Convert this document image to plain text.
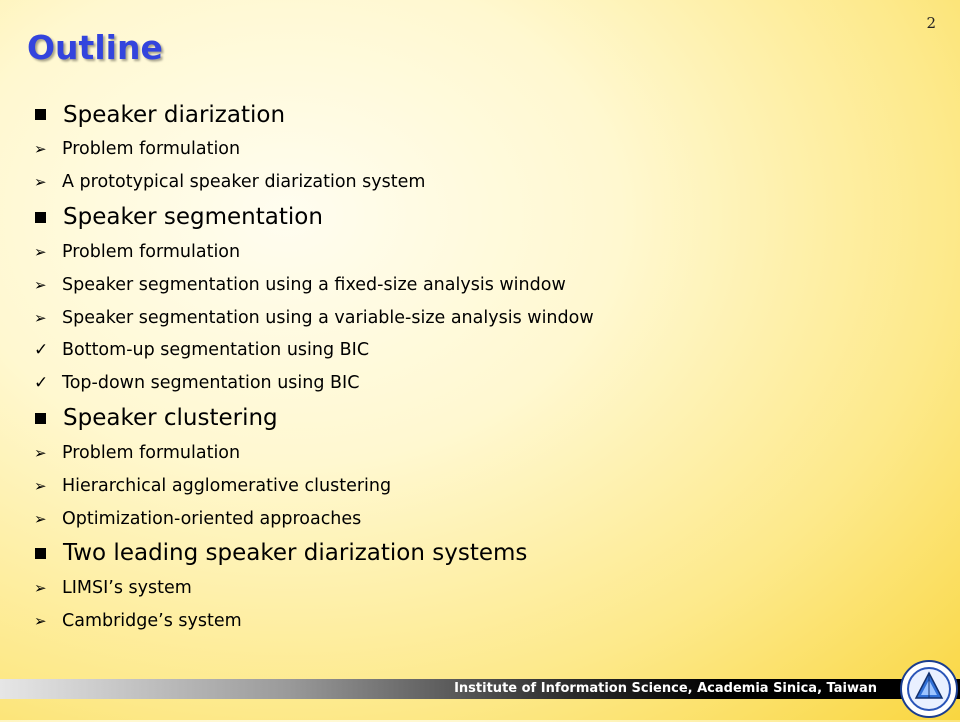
Outline
2
Speaker diarization
➢ Problem formulation
➢ A prototypical speaker diarization system
Speaker segmentation
➢ Problem formulation
➢ Speaker segmentation using a fixed-size analysis window
➢ Speaker segmentation using a variable-size analysis window
✓ Bottom-up segmentation using BIC
✓ Top-down segmentation using BIC
Speaker clustering
➢ Problem formulation
➢ Hierarchical agglomerative clustering
➢ Optimization-oriented approaches
Two leading speaker diarization systems
➢ LIMSI’s system
➢ Cambridge’s system
Institute of Information Science, Academia Sinica, Taiwan
